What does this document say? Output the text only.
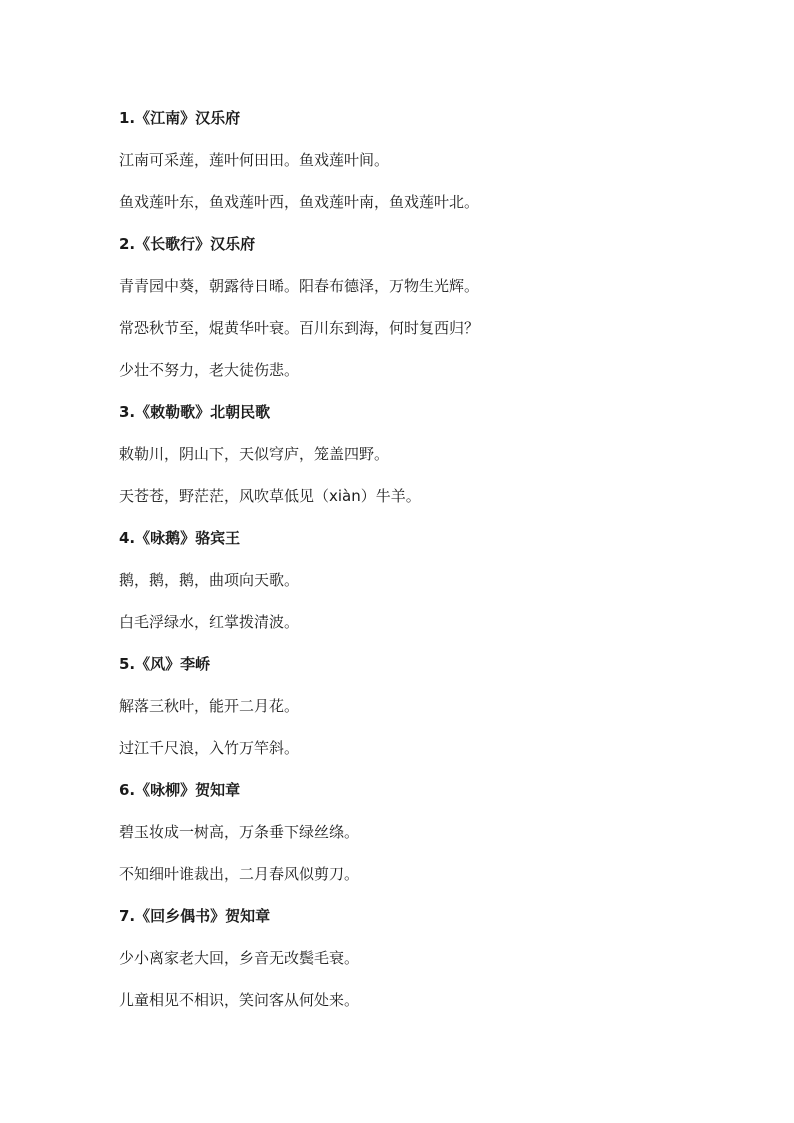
1.《江南》汉乐府
江南可采莲，莲叶何田田。鱼戏莲叶间。
鱼戏莲叶东，鱼戏莲叶西，鱼戏莲叶南，鱼戏莲叶北。
2.《长歌行》汉乐府
青青园中葵，朝露待日晞。阳春布德泽，万物生光辉。
常恐秋节至，焜黄华叶衰。百川东到海，何时复西归？
少壮不努力，老大徒伤悲。
3.《敕勒歌》北朝民歌
敕勒川，阴山下，天似穹庐，笼盖四野。
天苍苍，野茫茫，风吹草低见（xiàn）牛羊。
4.《咏鹅》骆宾王
鹅，鹅，鹅，曲项向天歌。
白毛浮绿水，红掌拨清波。
5.《风》李峤
解落三秋叶，能开二月花。
过江千尺浪，入竹万竿斜。
6.《咏柳》贺知章
碧玉妆成一树高，万条垂下绿丝绦。
不知细叶谁裁出，二月春风似剪刀。
7.《回乡偶书》贺知章
少小离家老大回，乡音无改鬓毛衰。
儿童相见不相识，笑问客从何处来。
